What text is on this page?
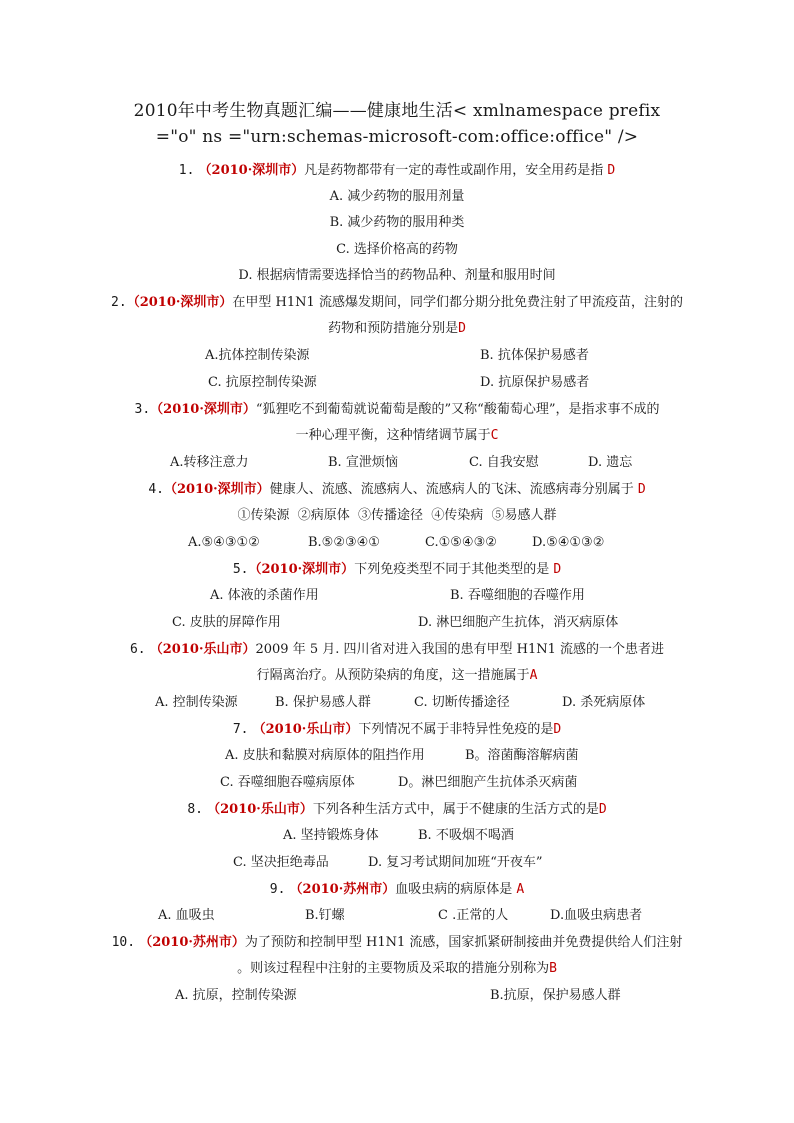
2010年中考生物真题汇编——健康地生活< xmlnamespace prefix
="o" ns ="urn:schemas-microsoft-com:office:office" />
1. （2010·深圳市）凡是药物都带有一定的毒性或副作用，安全用药是指 D
A. 减少药物的服用剂量
B. 减少药物的服用种类
C. 选择价格高的药物
D. 根据病情需要选择恰当的药物品种、剂量和服用时间
2.（2010·深圳市）在甲型 H1N1 流感爆发期间，同学们都分期分批免费注射了甲流疫苗，注射的
药物和预防措施分别是D
A.抗体控制传染源	B. 抗体保护易感者
C. 抗原控制传染源	D. 抗原保护易感者
3.（2010·深圳市）“狐狸吃不到葡萄就说葡萄是酸的”又称“酸葡萄心理”，是指求事不成的
一种心理平衡，这种情绪调节属于C
A.转移注意力	B. 宣泄烦恼	C. 自我安慰	D. 遗忘
4.（2010·深圳市）健康人、流感、流感病人、流感病人的飞沫、流感病毒分别属于 D
①传染源  ②病原体  ③传播途径  ④传染病  ⑤易感人群
A.⑤④③①②	B.⑤②③④①	C.①⑤④③②	D.⑤④①③②
5.（2010·深圳市）下列免疫类型不同于其他类型的是 D
A. 体液的杀菌作用	B. 吞噬细胞的吞噬作用
C. 皮肤的屏障作用	D. 淋巴细胞产生抗体，消灭病原体
6. （2010·乐山市）2009 年 5 月. 四川省对进入我国的患有甲型 H1N1 流感的一个患者进
行隔离治疗。从预防染病的角度，这一措施属于A
A. 控制传染源	B. 保护易感人群	C. 切断传播途径	D. 杀死病原体
7. （2010·乐山市）下列情况不属于非特异性免疫的是D
A. 皮肤和黏膜对病原体的阻挡作用	B。溶菌酶溶解病菌
C. 吞噬细胞吞噬病原体	D。淋巴细胞产生抗体杀灭病菌
8. （2010·乐山市）下列各种生活方式中，属于不健康的生活方式的是D
A. 坚持锻炼身体	B. 不吸烟不喝酒
C. 坚决拒绝毒品	D. 复习考试期间加班“开夜车”
9. （2010·苏州市）血吸虫病的病原体是 A
A. 血吸虫	B.钉螺	C .正常的人	D.血吸虫病患者
10. （2010·苏州市）为了预防和控制甲型 H1N1 流感，国家抓紧研制接曲并免费提供给人们注射
。则该过程程中注射的主要物质及采取的措施分别称为B
A. 抗原，控制传染源	B.抗原，保护易感人群
